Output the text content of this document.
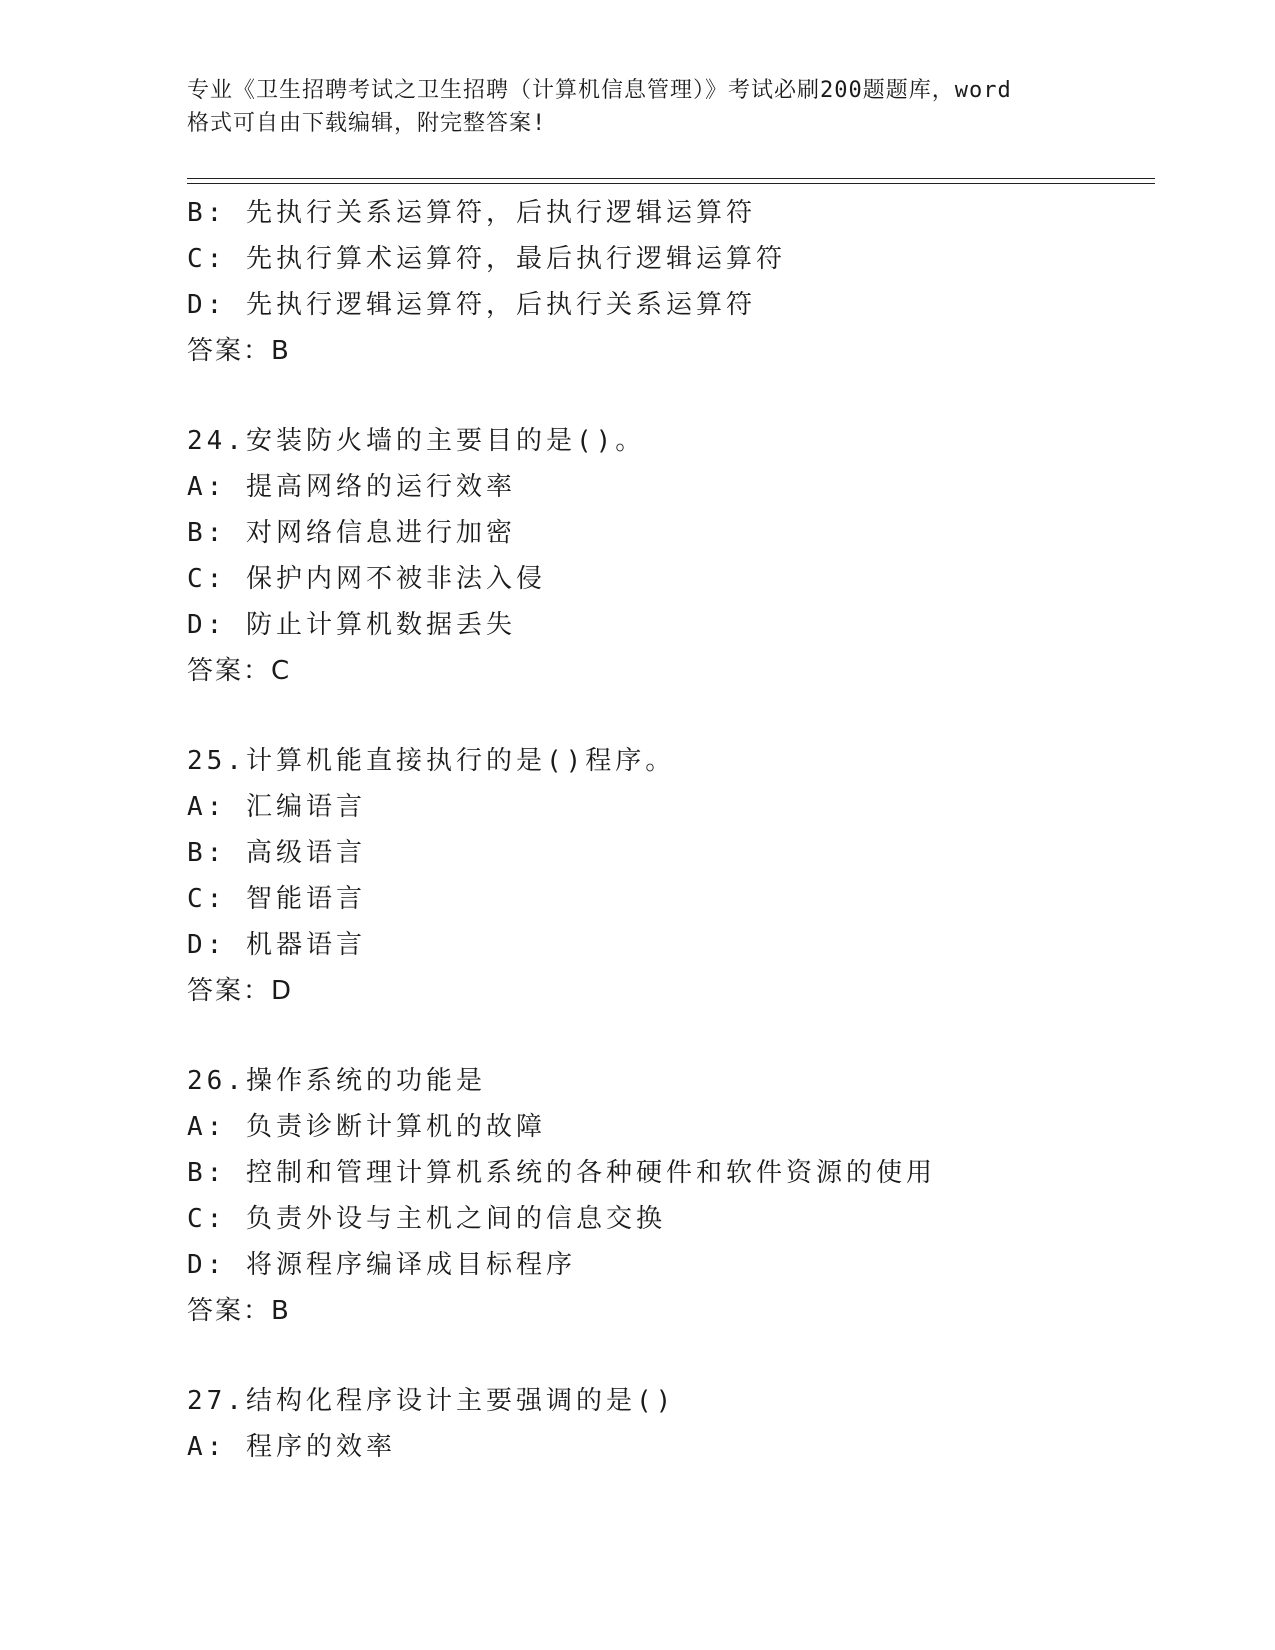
专业《卫生招聘考试之卫生招聘（计算机信息管理）》考试必刷200题题库，word
格式可自由下载编辑，附完整答案!
B: 先执行关系运算符，后执行逻辑运算符
C: 先执行算术运算符，最后执行逻辑运算符
D: 先执行逻辑运算符，后执行关系运算符
答案：B
24.安装防火墙的主要目的是()。
A: 提高网络的运行效率
B: 对网络信息进行加密
C: 保护内网不被非法入侵
D: 防止计算机数据丢失
答案：C
25.计算机能直接执行的是()程序。
A: 汇编语言
B: 高级语言
C: 智能语言
D: 机器语言
答案：D
26.操作系统的功能是
A: 负责诊断计算机的故障
B: 控制和管理计算机系统的各种硬件和软件资源的使用
C: 负责外设与主机之间的信息交换
D: 将源程序编译成目标程序
答案：B
27.结构化程序设计主要强调的是()
A: 程序的效率
